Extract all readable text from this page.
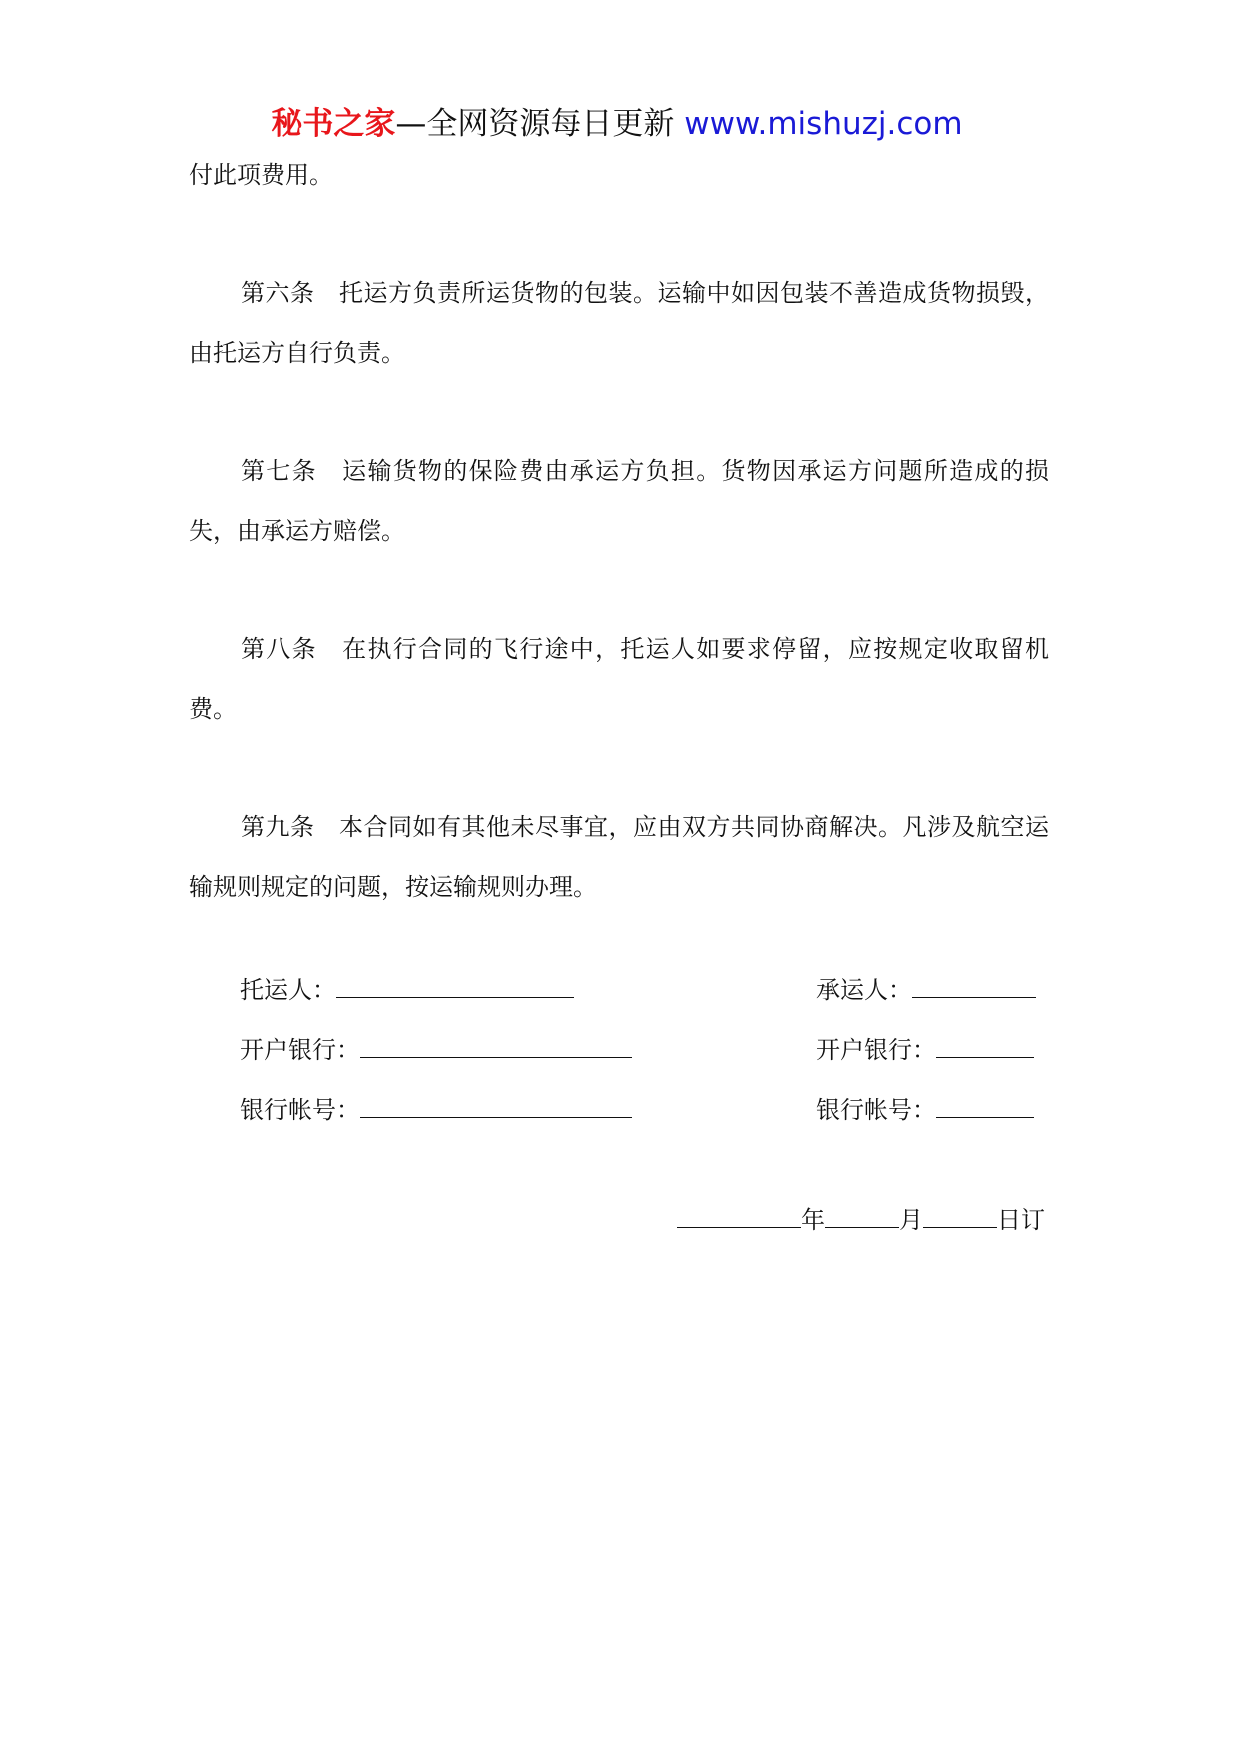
秘书之家—全网资源每日更新 www.mishuzj.com

付此项费用。

第六条　托运方负责所运货物的包装。运输中如因包装不善造成货物损毁，由托运方自行负责。

第七条　运输货物的保险费由承运方负担。货物因承运方问题所造成的损失，由承运方赔偿。

第八条　在执行合同的飞行途中，托运人如要求停留，应按规定收取留机费。

第九条　本合同如有其他未尽事宜，应由双方共同协商解决。凡涉及航空运输规则规定的问题，按运输规则办理。

托运人：
开户银行：
银行帐号：
承运人：
开户银行：
银行帐号：
年	月	日订
